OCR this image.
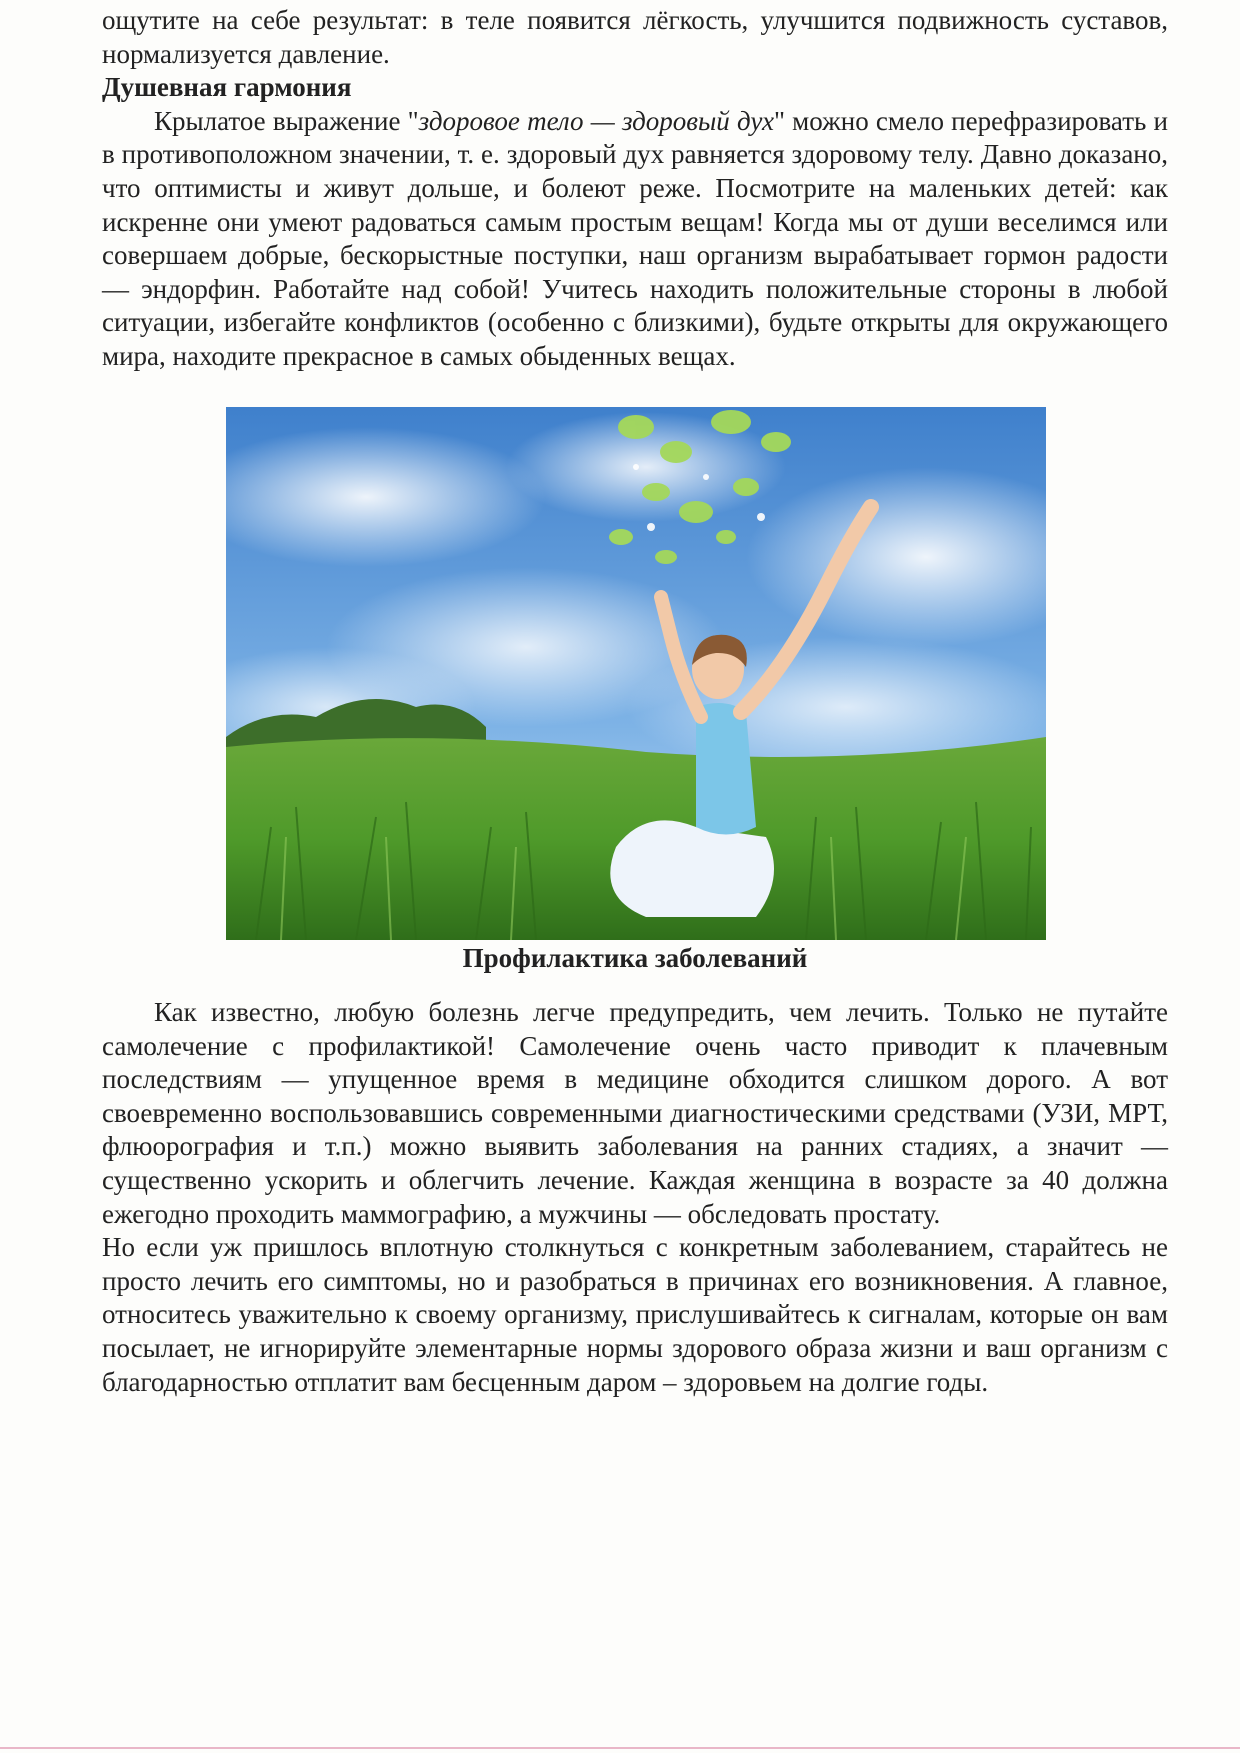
ощутите на себе результат: в теле появится лёгкость, улучшится подвижность суставов, нормализуется давление.

Душевная гармония

Крылатое выражение "здоровое тело — здоровый дух" можно смело перефразировать и в противоположном значении, т. е. здоровый дух равняется здоровому телу. Давно доказано, что оптимисты и живут дольше, и болеют реже. Посмотрите на маленьких детей: как искренне они умеют радоваться самым простым вещам! Когда мы от души веселимся или совершаем добрые, бескорыстные поступки, наш организм вырабатывает гормон радости — эндорфин. Работайте над собой! Учитесь находить положительные стороны в любой ситуации, избегайте конфликтов (особенно с близкими), будьте открыты для окружающего мира, находите прекрасное в самых обыденных вещах.

Профилактика заболеваний

Как известно, любую болезнь легче предупредить, чем лечить. Только не путайте самолечение с профилактикой! Самолечение очень часто приводит к плачевным последствиям — упущенное время в медицине обходится слишком дорого. А вот своевременно воспользовавшись современными диагностическими средствами (УЗИ, МРТ, флюорография и т.п.) можно выявить заболевания на ранних стадиях, а значит — существенно ускорить и облегчить лечение. Каждая женщина в возрасте за 40 должна ежегодно проходить маммографию, а мужчины — обследовать простату.

Но если уж пришлось вплотную столкнуться с конкретным заболеванием, старайтесь не просто лечить его симптомы, но и разобраться в причинах его возникновения. А главное, относитесь уважительно к своему организму, прислушивайтесь к сигналам, которые он вам посылает, не игнорируйте элементарные нормы здорового образа жизни и ваш организм с благодарностью отплатит вам бесценным даром – здоровьем на долгие годы.
